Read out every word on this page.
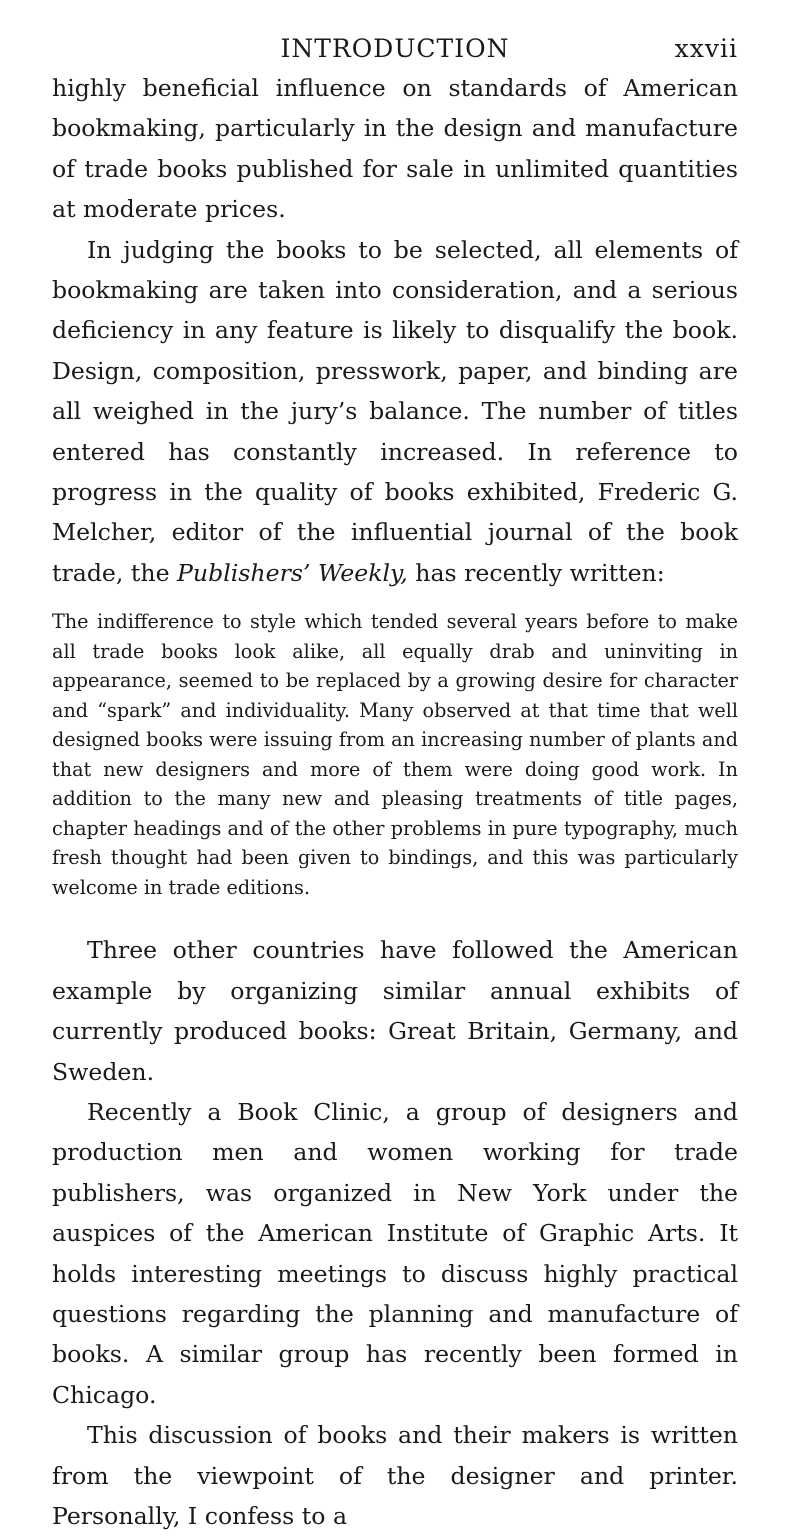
INTRODUCTION	xxvii

highly beneficial influence on standards of American bookmaking, particularly in the design and manufacture of trade books published for sale in unlimited quantities at moderate prices.

In judging the books to be selected, all elements of bookmaking are taken into consideration, and a serious deficiency in any feature is likely to disqualify the book. Design, composition, presswork, paper, and binding are all weighed in the jury’s balance. The number of titles entered has constantly increased. In reference to progress in the quality of books exhibited, Frederic G. Melcher, editor of the influential journal of the book trade, the Publishers’ Weekly, has recently written:

The indifference to style which tended several years before to make all trade books look alike, all equally drab and uninviting in appearance, seemed to be replaced by a growing desire for character and “spark” and individuality. Many observed at that time that well designed books were issuing from an increasing number of plants and that new designers and more of them were doing good work. In addition to the many new and pleasing treatments of title pages, chapter headings and of the other problems in pure typography, much fresh thought had been given to bindings, and this was particularly welcome in trade editions.

Three other countries have followed the American example by organizing similar annual exhibits of currently produced books: Great Britain, Germany, and Sweden.

Recently a Book Clinic, a group of designers and production men and women working for trade publishers, was organized in New York under the auspices of the American Institute of Graphic Arts. It holds interesting meetings to discuss highly practical questions regarding the planning and manufacture of books. A similar group has recently been formed in Chicago.

This discussion of books and their makers is written from the viewpoint of the designer and printer. Personally, I confess to a
